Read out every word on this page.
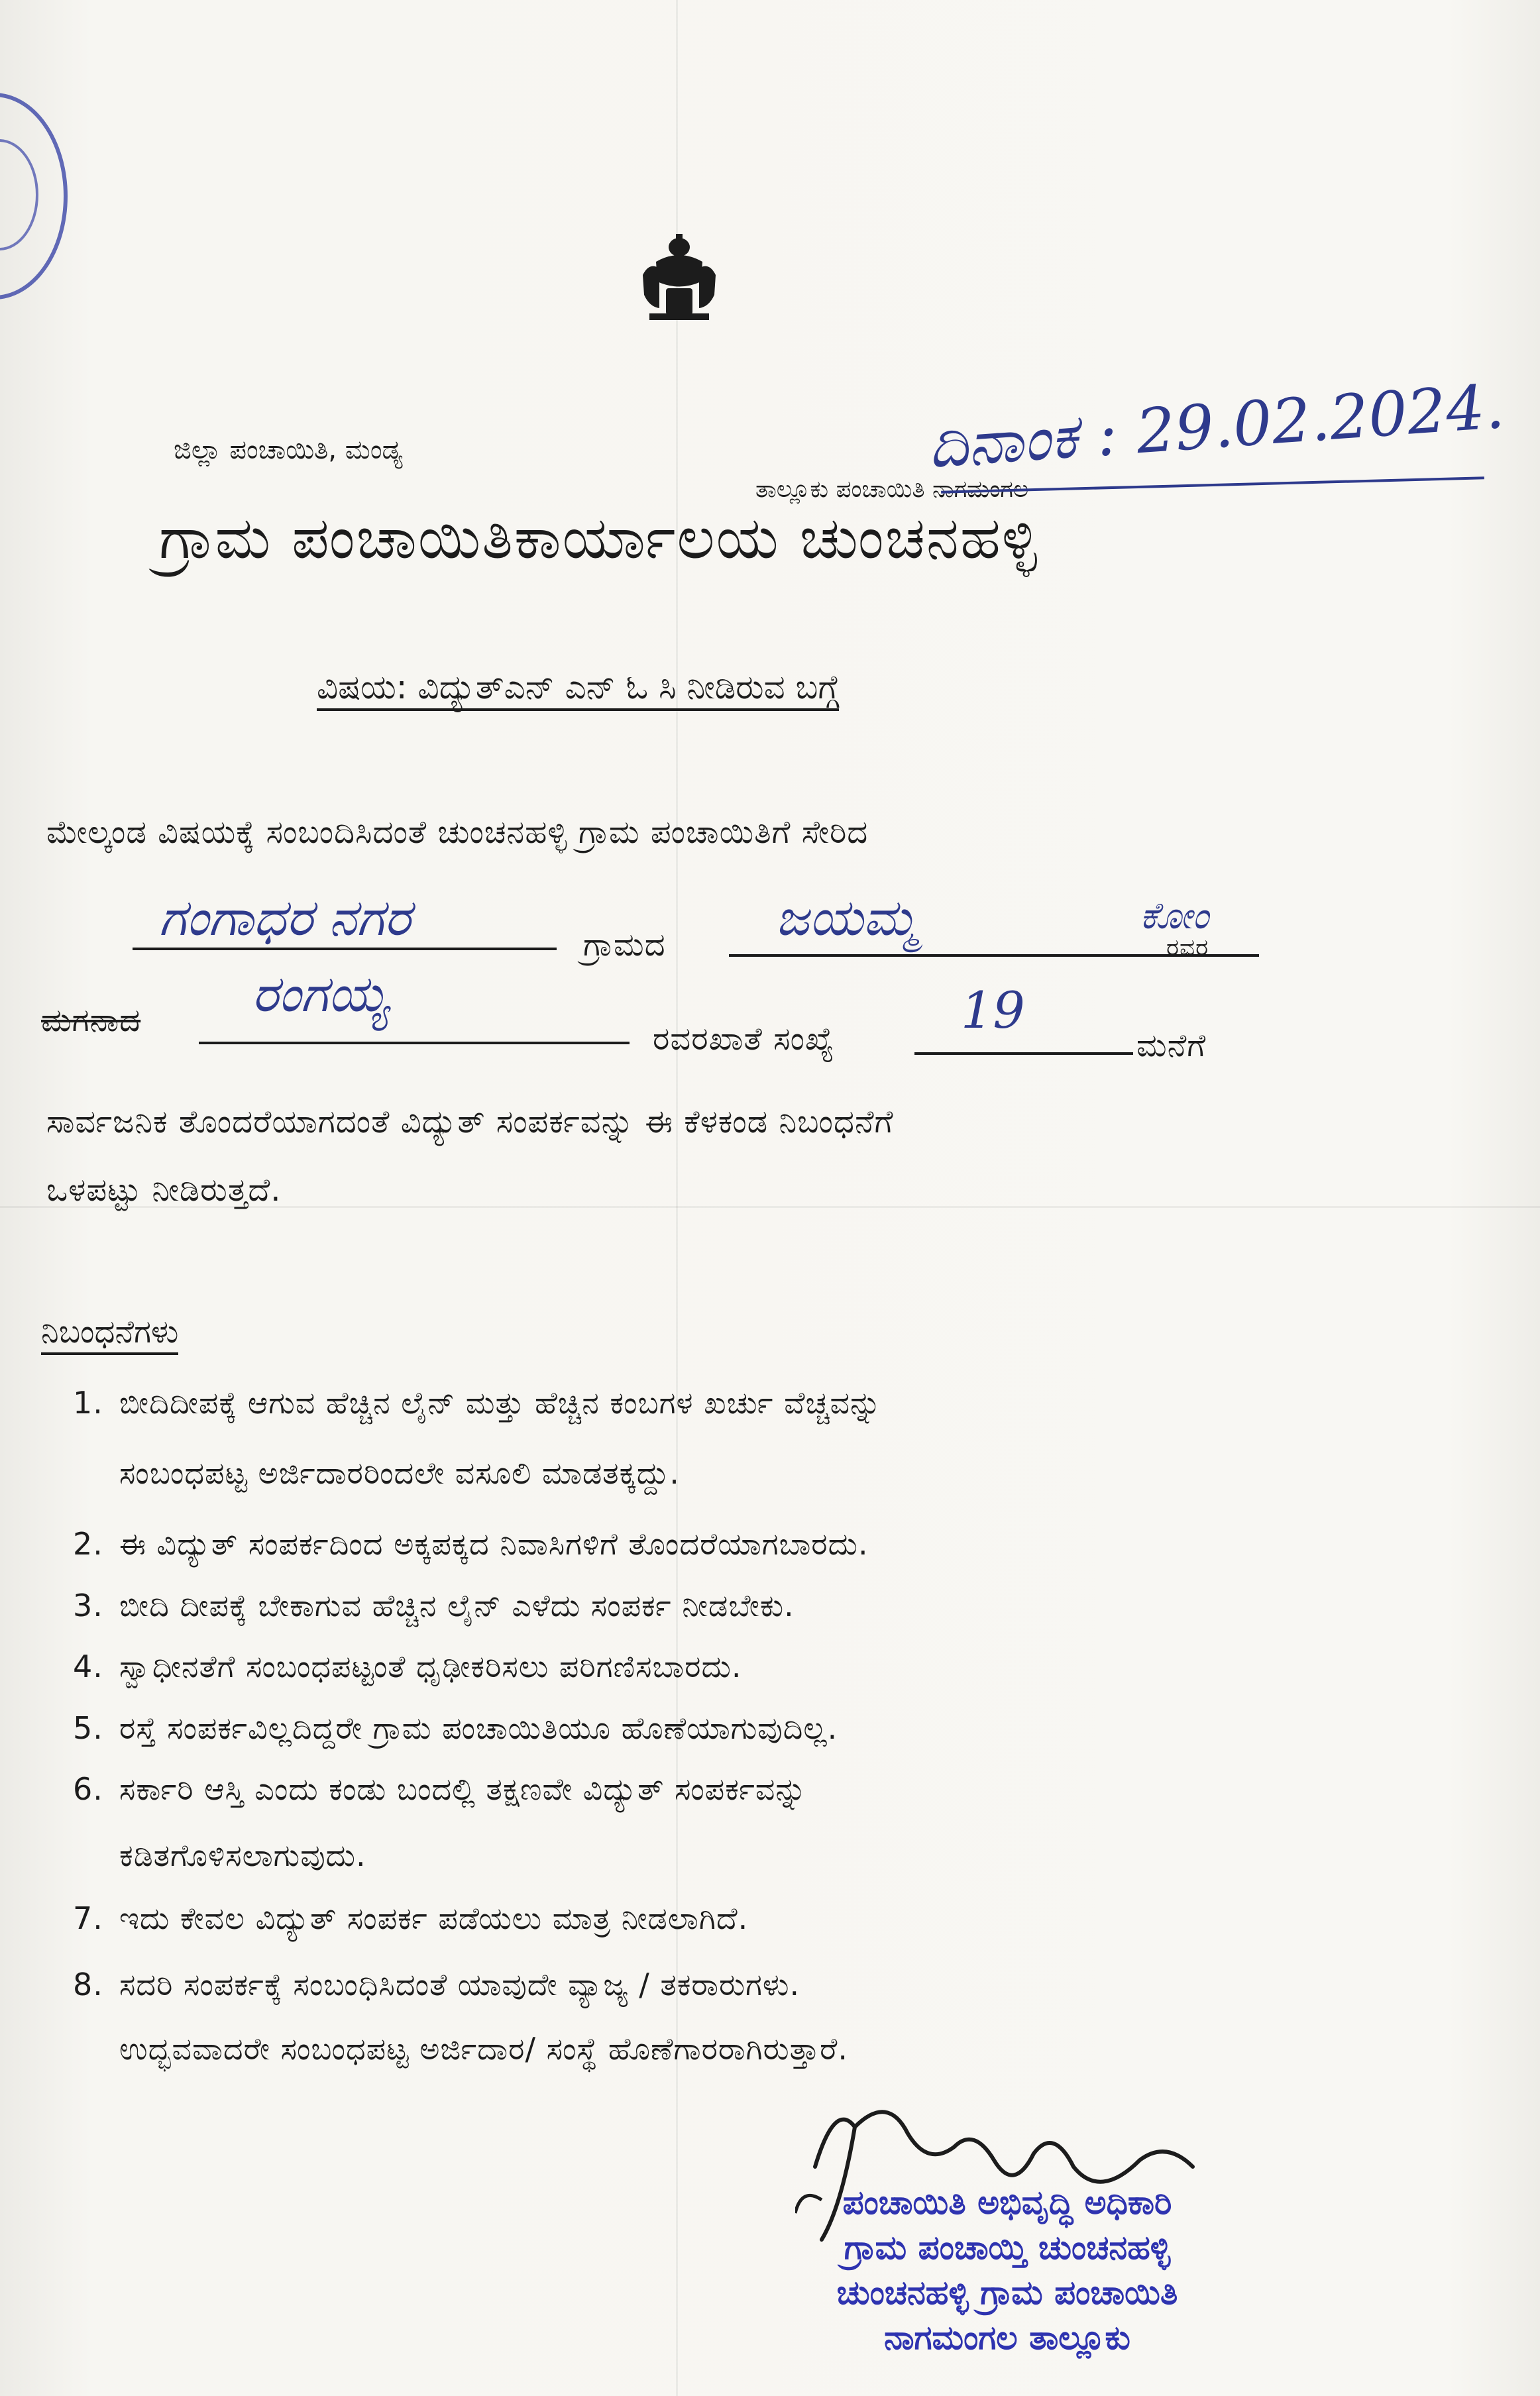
ಜಿಲ್ಲಾ ಪಂಚಾಯಿತಿ, ಮಂಡ್ಯ
ತಾಲ್ಲೂಕು ಪಂಚಾಯಿತಿ ನಾಗಮಂಗಲ
ಗ್ರಾಮ ಪಂಚಾಯಿತಿಕಾರ್ಯಾಲಯ ಚುಂಚನಹಳ್ಳಿ
ದಿನಾಂಕ : 29.02.2024.
ವಿಷಯ: ವಿದ್ಯುತ್‌ಎನ್ ಎನ್ ಓ ಸಿ ನೀಡಿರುವ ಬಗ್ಗೆ
ಮೇಲ್ಕಂಡ ವಿಷಯಕ್ಕೆ ಸಂಬಂದಿಸಿದಂತೆ ಚುಂಚನಹಳ್ಳಿ ಗ್ರಾಮ ಪಂಚಾಯಿತಿಗೆ ಸೇರಿದ
ಗಂಗಾಧರ ನಗರ	ಗ್ರಾಮದ ಜಯಮ್ಮ	ಕೋಂ
ರವರ
ಮಗನಾದ ರಂಗಯ್ಯ
ರವರಖಾತೆ ಸಂಖ್ಯೆ	19
ಮನೆಗೆ
ಸಾರ್ವಜನಿಕ ತೊಂದರೆಯಾಗದಂತೆ ವಿದ್ಯುತ್ ಸಂಪರ್ಕವನ್ನು ಈ ಕೆಳಕಂಡ ನಿಬಂಧನೆಗೆ
ಒಳಪಟ್ಟು ನೀಡಿರುತ್ತದೆ.
ನಿಬಂಧನೆಗಳು
1. ಬೀದಿದೀಪಕ್ಕೆ ಆಗುವ ಹೆಚ್ಚಿನ ಲೈನ್ ಮತ್ತು ಹೆಚ್ಚಿನ ಕಂಬಗಳ ಖರ್ಚು ವೆಚ್ಚವನ್ನು
ಸಂಬಂಧಪಟ್ಟ ಅರ್ಜಿದಾರರಿಂದಲೇ ವಸೂಲಿ ಮಾಡತಕ್ಕದ್ದು.
2. ಈ ವಿದ್ಯುತ್ ಸಂಪರ್ಕದಿಂದ ಅಕ್ಕಪಕ್ಕದ ನಿವಾಸಿಗಳಿಗೆ ತೊಂದರೆಯಾಗಬಾರದು.
3. ಬೀದಿ ದೀಪಕ್ಕೆ ಬೇಕಾಗುವ ಹೆಚ್ಚಿನ ಲೈನ್ ಎಳೆದು ಸಂಪರ್ಕ ನೀಡಬೇಕು.
4. ಸ್ವಾಧೀನತೆಗೆ ಸಂಬಂಧಪಟ್ಟಂತೆ ಧೃಢೀಕರಿಸಲು ಪರಿಗಣಿಸಬಾರದು.
5. ರಸ್ತೆ ಸಂಪರ್ಕವಿಲ್ಲದಿದ್ದರೇ ಗ್ರಾಮ ಪಂಚಾಯಿತಿಯೂ ಹೊಣೆಯಾಗುವುದಿಲ್ಲ.
6. ಸರ್ಕಾರಿ ಆಸ್ತಿ ಎಂದು ಕಂಡು ಬಂದಲ್ಲಿ ತಕ್ಷಣವೇ ವಿದ್ಯುತ್ ಸಂಪರ್ಕವನ್ನು
ಕಡಿತಗೊಳಿಸಲಾಗುವುದು.
7. ಇದು ಕೇವಲ ವಿದ್ಯುತ್ ಸಂಪರ್ಕ ಪಡೆಯಲು ಮಾತ್ರ ನೀಡಲಾಗಿದೆ.
8. ಸದರಿ ಸಂಪರ್ಕಕ್ಕೆ ಸಂಬಂಧಿಸಿದಂತೆ ಯಾವುದೇ ವ್ಯಾಜ್ಯ / ತಕರಾರುಗಳು.
ಉದ್ಭವವಾದರೇ ಸಂಬಂಧಪಟ್ಟ ಅರ್ಜಿದಾರ/ ಸಂಸ್ಥೆ ಹೊಣೆಗಾರರಾಗಿರುತ್ತಾರೆ.
ಪಂಚಾಯಿತಿ ಅಭಿವೃದ್ಧಿ ಅಧಿಕಾರಿ
ಗ್ರಾಮ ಪಂಚಾಯ್ತಿ ಚುಂಚನಹಳ್ಳಿ
ಚುಂಚನಹಳ್ಳಿ ಗ್ರಾಮ ಪಂಚಾಯಿತಿ
ನಾಗಮಂಗಲ ತಾಲ್ಲೂಕು
